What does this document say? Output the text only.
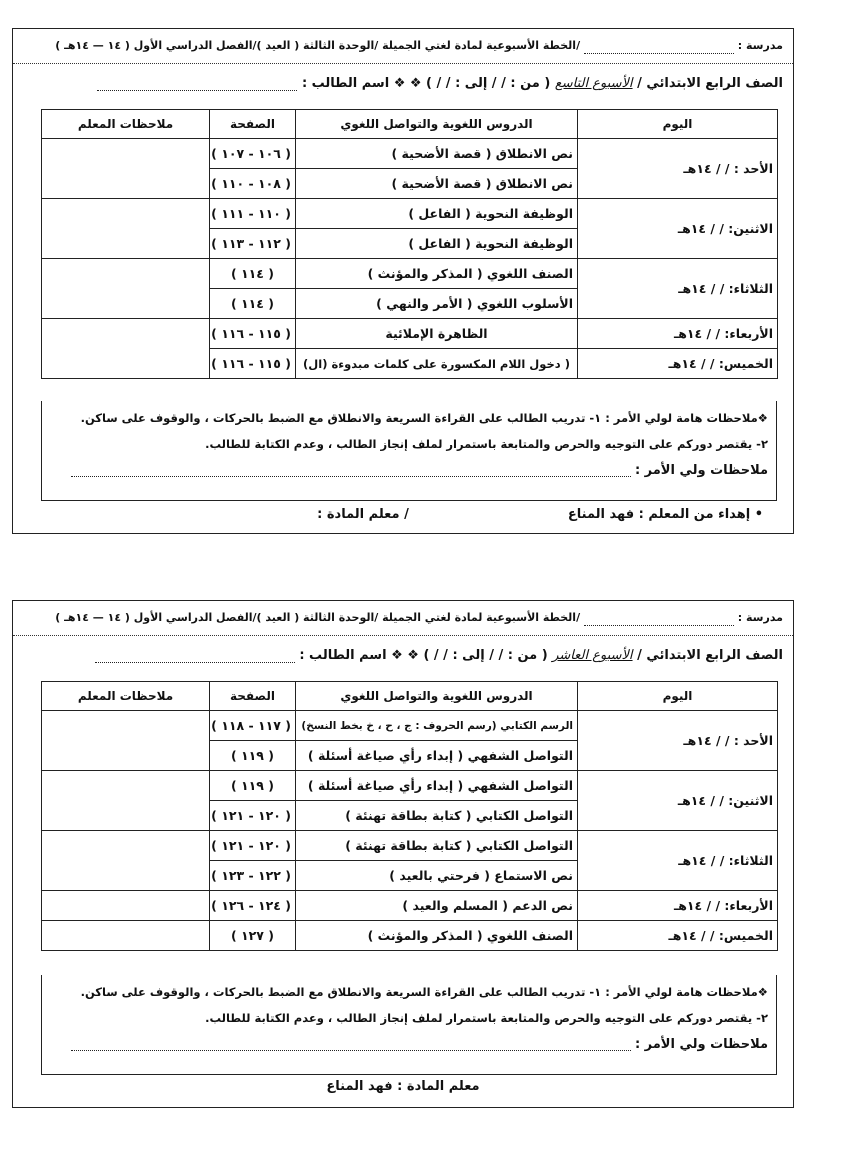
مدرسة :  /الخطة الأسبوعية لمادة لغتي الجميلة /الوحدة الثالثة ( العيد )/الفصل الدراسي الأول ( ١٤ — ١٤هـ )
الصف الرابع الابتدائي / الأسبوع التاسع ( من : / / إلى : / / ) ❖ ❖ اسم الطالب :
اليوم	الدروس اللغوية والتواصل اللغوي	الصفحة	ملاحظات المعلم
الأحد : / / ١٤هـ	نص الانطلاق ( قصة الأضحية )	( ١٠٦ - ١٠٧ )	
	نص الانطلاق ( قصة الأضحية )	( ١٠٨ - ١١٠ )	
الاثنين: / / ١٤هـ	الوظيفة النحوية ( الفاعل )	( ١١٠ - ١١١ )	
	الوظيفة النحوية ( الفاعل )	( ١١٢ - ١١٣ )	
الثلاثاء: / / ١٤هـ	الصنف اللغوي ( المذكر والمؤنث )	( ١١٤ )	
	الأسلوب اللغوي ( الأمر والنهي )	( ١١٤ )	
الأربعاء: / / ١٤هـ	الظاهرة الإملائية	( ١١٥ - ١١٦ )	
الخميس: / / ١٤هـ	( دخول اللام المكسورة على كلمات مبدوءة (ال)	( ١١٥ - ١١٦ )	
❖ملاحظات هامة لولي الأمر : ١- تدريب الطالب على القراءة السريعة والانطلاق مع الضبط بالحركات ، والوقوف على ساكن.
٢- يقتصر دوركم على التوجيه والحرص والمتابعة باستمرار لملف إنجاز الطالب ، وعدم الكتابة للطالب.
ملاحظات ولي الأمر :
• إهداء من المعلم : فهد المناع  / معلم المادة :
مدرسة :  /الخطة الأسبوعية لمادة لغتي الجميلة /الوحدة الثالثة ( العيد )/الفصل الدراسي الأول ( ١٤ — ١٤هـ )
الصف الرابع الابتدائي / الأسبوع العاشر ( من : / / إلى : / / ) ❖ ❖ اسم الطالب :
اليوم	الدروس اللغوية والتواصل اللغوي	الصفحة	ملاحظات المعلم
الأحد : / / ١٤هـ	الرسم الكتابي (رسم الحروف : ج ، ح ، خ بخط النسخ)	( ١١٧ - ١١٨ )	
	التواصل الشفهي ( إبداء رأي صياغة أسئلة )	( ١١٩ )	
الاثنين: / / ١٤هـ	التواصل الشفهي ( إبداء رأي صياغة أسئلة )	( ١١٩ )	
	التواصل الكتابي ( كتابة بطاقة تهنئة )	( ١٢٠ - ١٢١ )	
الثلاثاء: / / ١٤هـ	التواصل الكتابي ( كتابة بطاقة تهنئة )	( ١٢٠ - ١٢١ )	
	نص الاستماع ( فرحتي بالعيد )	( ١٢٢ - ١٢٣ )	
الأربعاء: / / ١٤هـ	نص الدعم ( المسلم والعيد )	( ١٢٤ - ١٢٦ )	
الخميس: / / ١٤هـ	الصنف اللغوي ( المذكر والمؤنث )	( ١٢٧ )	
❖ملاحظات هامة لولي الأمر : ١- تدريب الطالب على القراءة السريعة والانطلاق مع الضبط بالحركات ، والوقوف على ساكن.
٢- يقتصر دوركم على التوجيه والحرص والمتابعة باستمرار لملف إنجاز الطالب ، وعدم الكتابة للطالب.
ملاحظات ولي الأمر :
معلم المادة : فهد المناع
